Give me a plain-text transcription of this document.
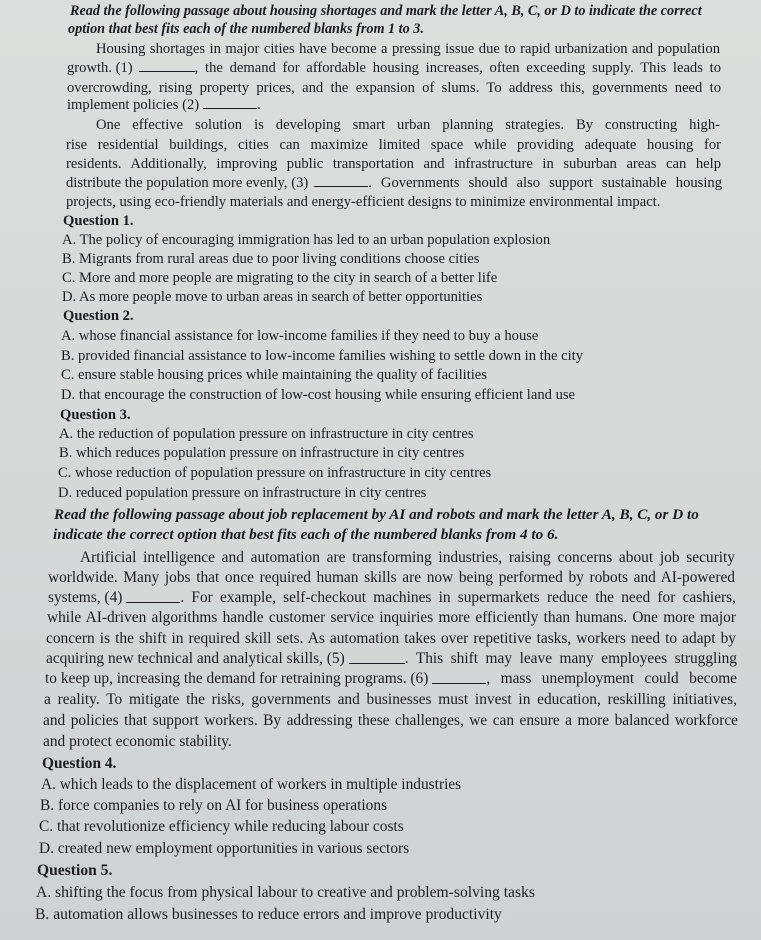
Read the following passage about housing shortages and mark the letter A, B, C, or D to indicate the correct
option that best fits each of the numbered blanks from 1 to 3.
Housing shortages in major cities have become a pressing issue due to rapid urbanization and population
growth. (1)	, the demand for affordable housing increases, often exceeding supply. This leads to
overcrowding, rising property prices, and the expansion of slums. To address this, governments need to
implement policies (2)	.
One effective solution is developing smart urban planning strategies. By constructing high-
rise residential buildings, cities can maximize limited space while providing adequate housing for
residents. Additionally, improving public transportation and infrastructure in suburban areas can help
distribute the population more evenly, (3)	. Governments should also support sustainable housing
projects, using eco-friendly materials and energy-efficient designs to minimize environmental impact.
Question 1.
A. The policy of encouraging immigration has led to an urban population explosion
B. Migrants from rural areas due to poor living conditions choose cities
C. More and more people are migrating to the city in search of a better life
D. As more people move to urban areas in search of better opportunities
Question 2.
A. whose financial assistance for low-income families if they need to buy a house
B. provided financial assistance to low-income families wishing to settle down in the city
C. ensure stable housing prices while maintaining the quality of facilities
D. that encourage the construction of low-cost housing while ensuring efficient land use
Question 3.
A. the reduction of population pressure on infrastructure in city centres
B. which reduces population pressure on infrastructure in city centres
C. whose reduction of population pressure on infrastructure in city centres
D. reduced population pressure on infrastructure in city centres
Read the following passage about job replacement by AI and robots and mark the letter A, B, C, or D to
indicate the correct option that best fits each of the numbered blanks from 4 to 6.
Artificial intelligence and automation are transforming industries, raising concerns about job security
worldwide. Many jobs that once required human skills are now being performed by robots and AI-powered
systems, (4)	. For example, self-checkout machines in supermarkets reduce the need for cashiers,
while AI-driven algorithms handle customer service inquiries more efficiently than humans. One more major
concern is the shift in required skill sets. As automation takes over repetitive tasks, workers need to adapt by
acquiring new technical and analytical skills, (5)	. This shift may leave many employees struggling
to keep up, increasing the demand for retraining programs. (6)	, mass unemployment could become
a reality. To mitigate the risks, governments and businesses must invest in education, reskilling initiatives,
and policies that support workers. By addressing these challenges, we can ensure a more balanced workforce
and protect economic stability.
Question 4.
A. which leads to the displacement of workers in multiple industries
B. force companies to rely on AI for business operations
C. that revolutionize efficiency while reducing labour costs
D. created new employment opportunities in various sectors
Question 5.
A. shifting the focus from physical labour to creative and problem-solving tasks
B. automation allows businesses to reduce errors and improve productivity
